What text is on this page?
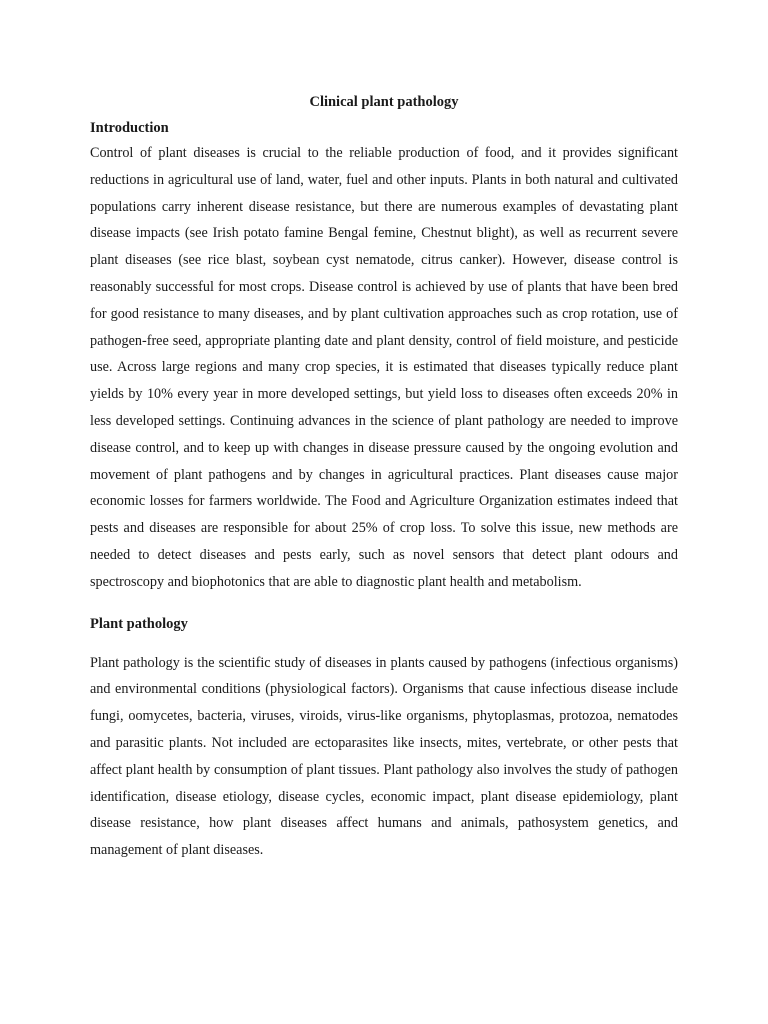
Clinical plant pathology
Introduction

Control of plant diseases is crucial to the reliable production of food, and it provides significant reductions in agricultural use of land, water, fuel and other inputs. Plants in both natural and cultivated populations carry inherent disease resistance, but there are numerous examples of devastating plant disease impacts (see Irish potato famine Bengal femine, Chestnut blight), as well as recurrent severe plant diseases (see rice blast, soybean cyst nematode, citrus canker). However, disease control is reasonably successful for most crops. Disease control is achieved by use of plants that have been bred for good resistance to many diseases, and by plant cultivation approaches such as crop rotation, use of pathogen-free seed, appropriate planting date and plant density, control of field moisture, and pesticide use. Across large regions and many crop species, it is estimated that diseases typically reduce plant yields by 10% every year in more developed settings, but yield loss to diseases often exceeds 20% in less developed settings. Continuing advances in the science of plant pathology are needed to improve disease control, and to keep up with changes in disease pressure caused by the ongoing evolution and movement of plant pathogens and by changes in agricultural practices. Plant diseases cause major economic losses for farmers worldwide. The Food and Agriculture Organization estimates indeed that pests and diseases are responsible for about 25% of crop loss. To solve this issue, new methods are needed to detect diseases and pests early, such as novel sensors that detect plant odours and spectroscopy and biophotonics that are able to diagnostic plant health and metabolism.

Plant pathology

Plant pathology is the scientific study of diseases in plants caused by pathogens (infectious organisms) and environmental conditions (physiological factors). Organisms that cause infectious disease include fungi, oomycetes, bacteria, viruses, viroids, virus-like organisms, phytoplasmas, protozoa, nematodes and parasitic plants. Not included are ectoparasites like insects, mites, vertebrate, or other pests that affect plant health by consumption of plant tissues. Plant pathology also involves the study of pathogen identification, disease etiology, disease cycles, economic impact, plant disease epidemiology, plant disease resistance, how plant diseases affect humans and animals, pathosystem genetics, and management of plant diseases.
